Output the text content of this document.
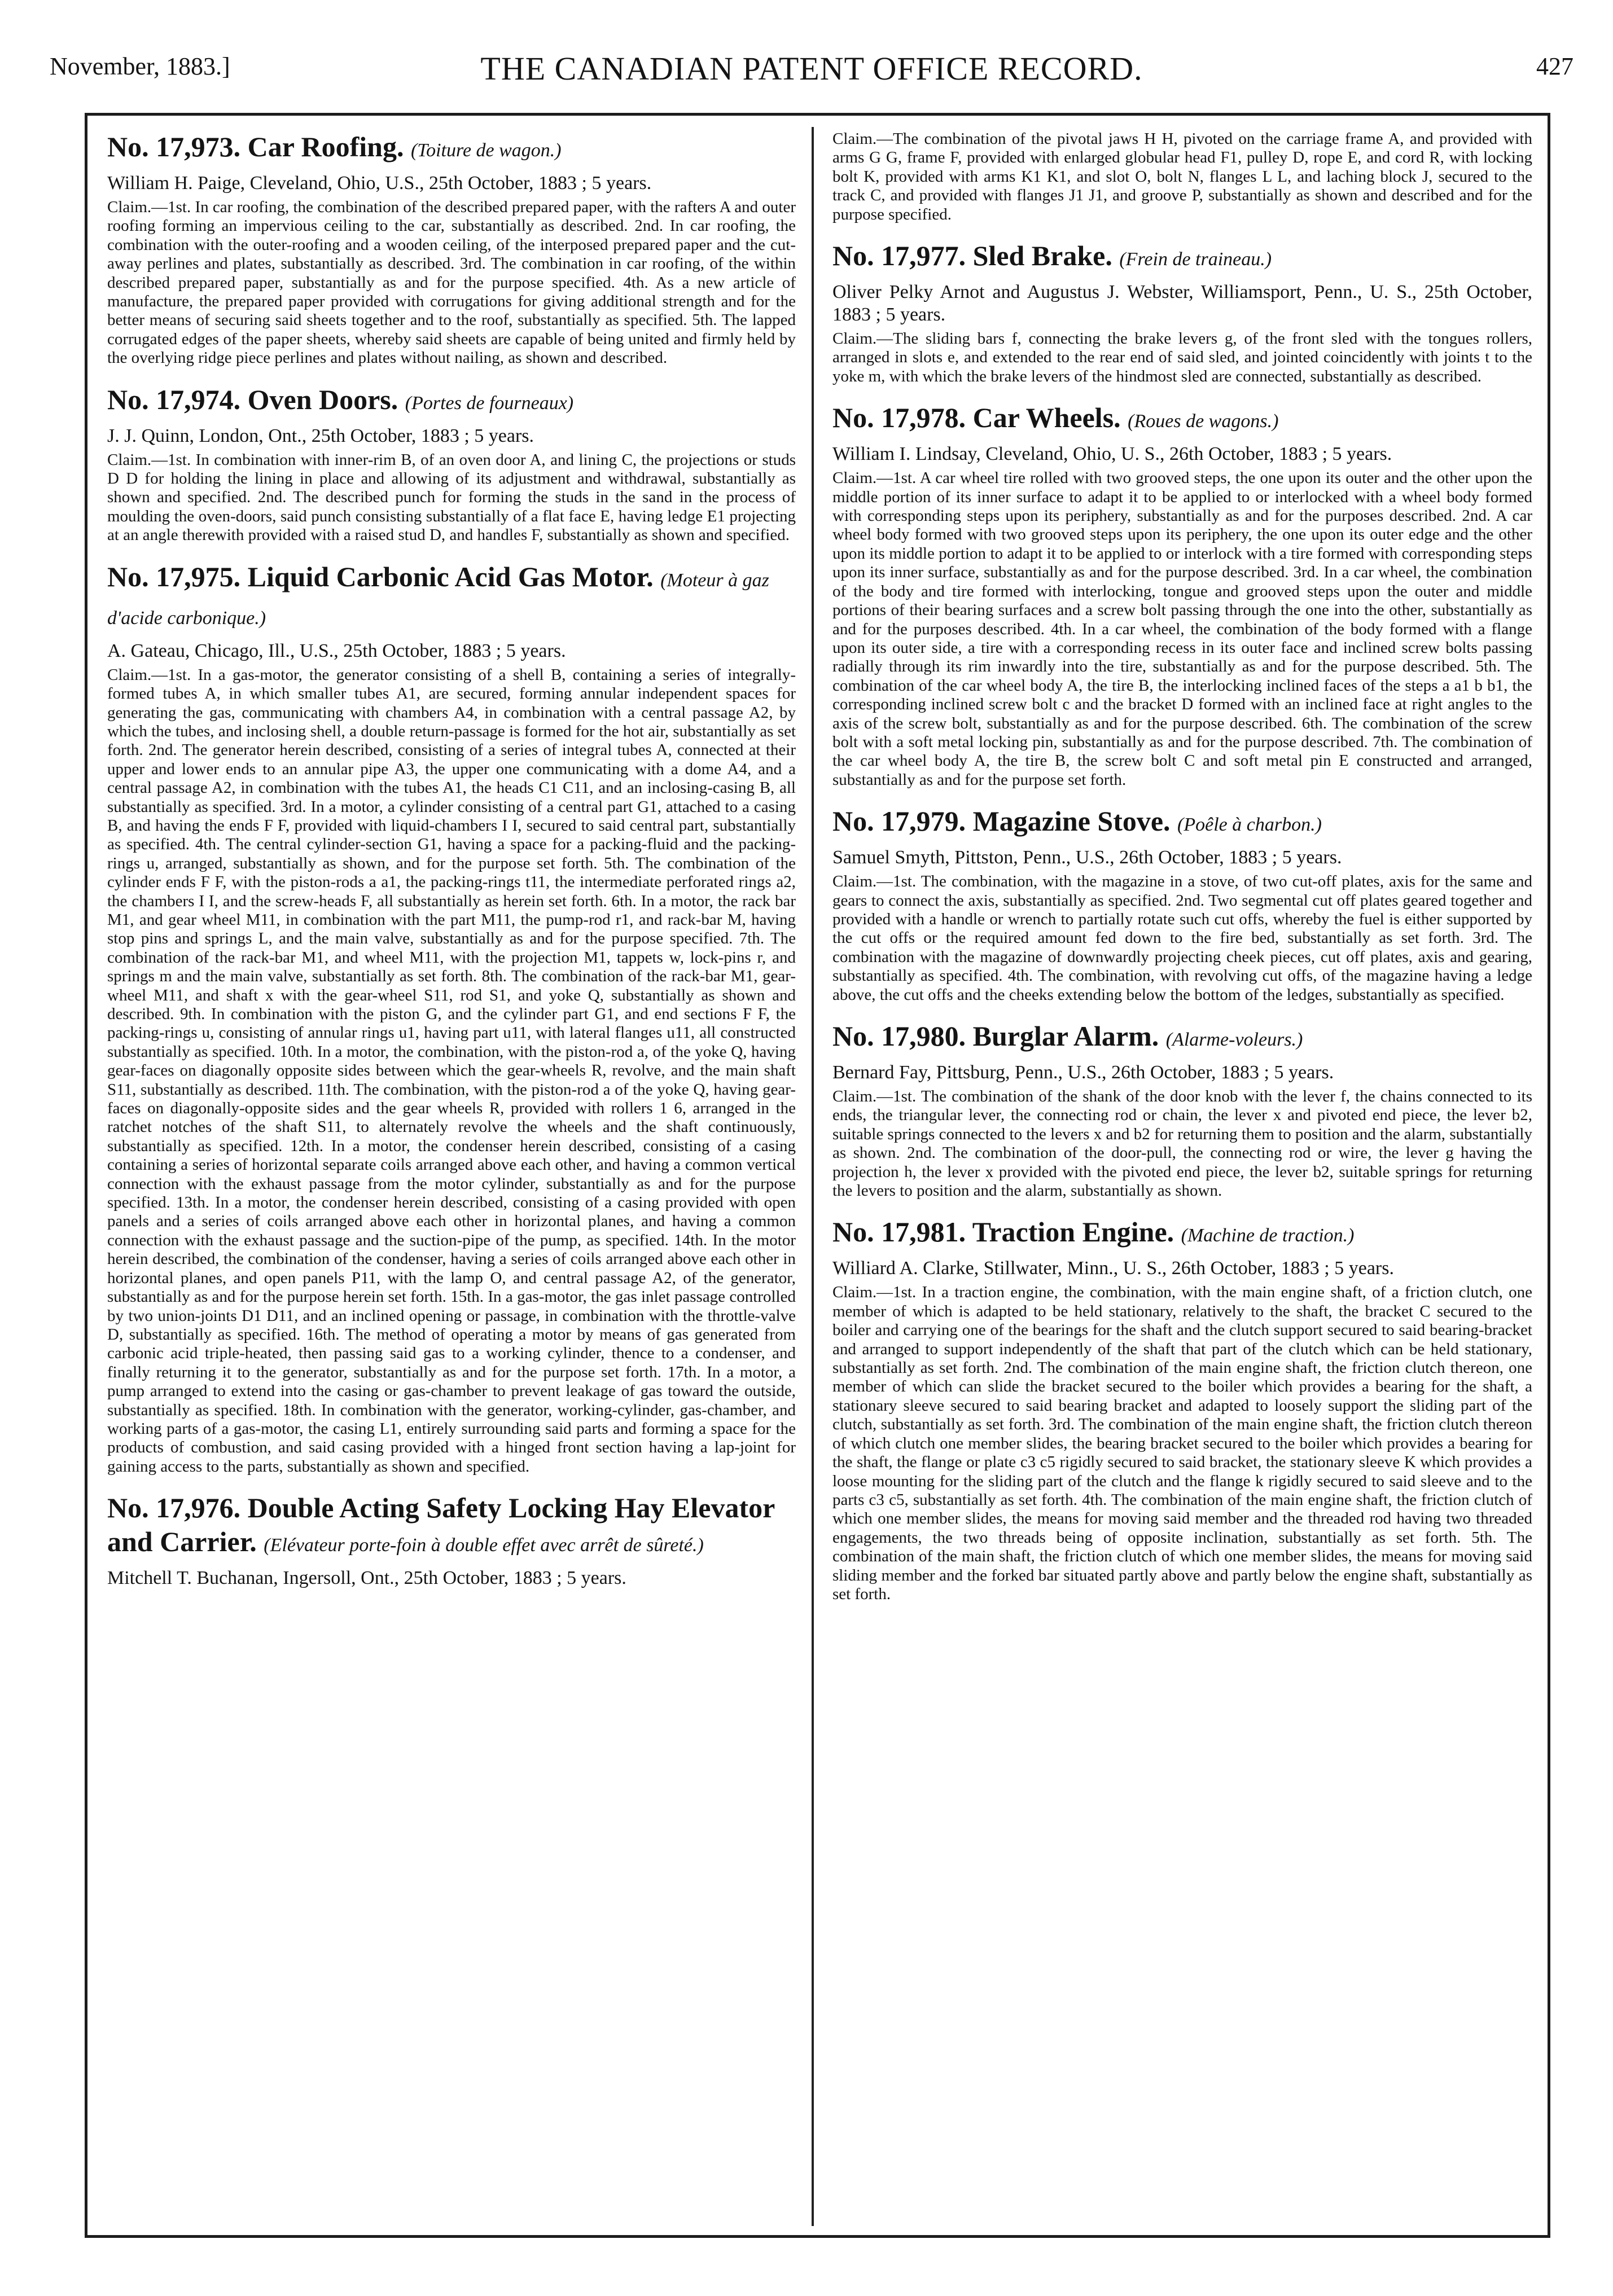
November, 1883.]	THE CANADIAN PATENT OFFICE RECORD.	427
No. 17,973. Car Roofing. (Toiture de wagon.)
William H. Paige, Cleveland, Ohio, U.S., 25th October, 1883 ; 5 years.

Claim.—1st. In car roofing, the combination of the described prepared paper, with the rafters A and outer roofing forming an impervious ceiling to the car, substantially as described. 2nd. In car roofing, the combination with the outer-roofing and a wooden ceiling, of the interposed prepared paper and the cut-away perlines and plates, substantially as described. 3rd. The combination in car roofing, of the within described prepared paper, substantially as and for the purpose specified. 4th. As a new article of manufacture, the prepared paper provided with corrugations for giving additional strength and for the better means of securing said sheets together and to the roof, substantially as specified. 5th. The lapped corrugated edges of the paper sheets, whereby said sheets are capable of being united and firmly held by the overlying ridge piece perlines and plates without nailing, as shown and described.

No. 17,974. Oven Doors. (Portes de fourneaux)
J. J. Quinn, London, Ont., 25th October, 1883 ; 5 years.

Claim.—1st. In combination with inner-rim B, of an oven door A, and lining C, the projections or studs D D for holding the lining in place and allowing of its adjustment and withdrawal, substantially as shown and specified. 2nd. The described punch for forming the studs in the sand in the process of moulding the oven-doors, said punch consisting substantially of a flat face E, having ledge E1 projecting at an angle therewith provided with a raised stud D, and handles F, substantially as shown and specified.

No. 17,975. Liquid Carbonic Acid Gas Motor. (Moteur à gaz d'acide carbonique.)
A. Gateau, Chicago, Ill., U.S., 25th October, 1883 ; 5 years.

Claim.—1st. In a gas-motor, the generator consisting of a shell B, containing a series of integrally-formed tubes A, in which smaller tubes A1, are secured, forming annular independent spaces for generating the gas, communicating with chambers A4, in combination with a central passage A2, by which the tubes, and inclosing shell, a double return-passage is formed for the hot air, substantially as set forth. 2nd. The generator herein described, consisting of a series of integral tubes A, connected at their upper and lower ends to an annular pipe A3, the upper one communicating with a dome A4, and a central passage A2, in combination with the tubes A1, the heads C1 C11, and an inclosing-casing B, all substantially as specified. 3rd. In a motor, a cylinder consisting of a central part G1, attached to a casing B, and having the ends F F, provided with liquid-chambers I I, secured to said central part, substantially as specified. 4th. The central cylinder-section G1, having a space for a packing-fluid and the packing-rings u, arranged, substantially as shown, and for the purpose set forth. 5th. The combination of the cylinder ends F F, with the piston-rods a a1, the packing-rings t11, the intermediate perforated rings a2, the chambers I I, and the screw-heads F, all substantially as herein set forth. 6th. In a motor, the rack bar M1, and gear wheel M11, in combination with the part M11, the pump-rod r1, and rack-bar M, having stop pins and springs L, and the main valve, substantially as and for the purpose specified. 7th. The combination of the rack-bar M1, and wheel M11, with the projection M1, tappets w, lock-pins r, and springs m and the main valve, substantially as set forth. 8th. The combination of the rack-bar M1, gear-wheel M11, and shaft x with the gear-wheel S11, rod S1, and yoke Q, substantially as shown and described. 9th. In combination with the piston G, and the cylinder part G1, and end sections F F, the packing-rings u, consisting of annular rings u1, having part u11, with lateral flanges u11, all constructed substantially as specified. 10th. In a motor, the combination, with the piston-rod a, of the yoke Q, having gear-faces on diagonally opposite sides between which the gear-wheels R, revolve, and the main shaft S11, substantially as described. 11th. The combination, with the piston-rod a of the yoke Q, having gear-faces on diagonally-opposite sides and the gear wheels R, provided with rollers 1 6, arranged in the ratchet notches of the shaft S11, to alternately revolve the wheels and the shaft continuously, substantially as specified. 12th. In a motor, the condenser herein described, consisting of a casing containing a series of horizontal separate coils arranged above each other, and having a common vertical connection with the exhaust passage from the motor cylinder, substantially as and for the purpose specified. 13th. In a motor, the condenser herein described, consisting of a casing provided with open panels and a series of coils arranged above each other in horizontal planes, and having a common connection with the exhaust passage and the suction-pipe of the pump, as specified. 14th. In the motor herein described, the combination of the condenser, having a series of coils arranged above each other in horizontal planes, and open panels P11, with the lamp O, and central passage A2, of the generator, substantially as and for the purpose herein set forth. 15th. In a gas-motor, the gas inlet passage controlled by two union-joints D1 D11, and an inclined opening or passage, in combination with the throttle-valve D, substantially as specified. 16th. The method of operating a motor by means of gas generated from carbonic acid triple-heated, then passing said gas to a working cylinder, thence to a condenser, and finally returning it to the generator, substantially as and for the purpose set forth. 17th. In a motor, a pump arranged to extend into the casing or gas-chamber to prevent leakage of gas toward the outside, substantially as specified. 18th. In combination with the generator, working-cylinder, gas-chamber, and working parts of a gas-motor, the casing L1, entirely surrounding said parts and forming a space for the products of combustion, and said casing provided with a hinged front section having a lap-joint for gaining access to the parts, substantially as shown and specified.

No. 17,976. Double Acting Safety Locking Hay Elevator and Carrier. (Elévateur porte-foin à double effet avec arrêt de sûreté.)
Mitchell T. Buchanan, Ingersoll, Ont., 25th October, 1883 ; 5 years.

Claim.—The combination of the pivotal jaws H H, pivoted on the carriage frame A, and provided with arms G G, frame F, provided with enlarged globular head F1, pulley D, rope E, and cord R, with locking bolt K, provided with arms K1 K1, and slot O, bolt N, flanges L L, and laching block J, secured to the track C, and provided with flanges J1 J1, and groove P, substantially as shown and described and for the purpose specified.

No. 17,977. Sled Brake. (Frein de traineau.)
Oliver Pelky Arnot and Augustus J. Webster, Williamsport, Penn., U. S., 25th October, 1883 ; 5 years.

Claim.—The sliding bars f, connecting the brake levers g, of the front sled with the tongues rollers, arranged in slots e, and extended to the rear end of said sled, and jointed coincidently with joints t to the yoke m, with which the brake levers of the hindmost sled are connected, substantially as described.

No. 17,978. Car Wheels. (Roues de wagons.)
William I. Lindsay, Cleveland, Ohio, U. S., 26th October, 1883 ; 5 years.

Claim.—1st. A car wheel tire rolled with two grooved steps, the one upon its outer and the other upon the middle portion of its inner surface to adapt it to be applied to or interlocked with a wheel body formed with corresponding steps upon its periphery, substantially as and for the purposes described. 2nd. A car wheel body formed with two grooved steps upon its periphery, the one upon its outer edge and the other upon its middle portion to adapt it to be applied to or interlock with a tire formed with corresponding steps upon its inner surface, substantially as and for the purpose described. 3rd. In a car wheel, the combination of the body and tire formed with interlocking, tongue and grooved steps upon the outer and middle portions of their bearing surfaces and a screw bolt passing through the one into the other, substantially as and for the purposes described. 4th. In a car wheel, the combination of the body formed with a flange upon its outer side, a tire with a corresponding recess in its outer face and inclined screw bolts passing radially through its rim inwardly into the tire, substantially as and for the purpose described. 5th. The combination of the car wheel body A, the tire B, the interlocking inclined faces of the steps a a1 b b1, the corresponding inclined screw bolt c and the bracket D formed with an inclined face at right angles to the axis of the screw bolt, substantially as and for the purpose described. 6th. The combination of the screw bolt with a soft metal locking pin, substantially as and for the purpose described. 7th. The combination of the car wheel body A, the tire B, the screw bolt C and soft metal pin E constructed and arranged, substantially as and for the purpose set forth.

No. 17,979. Magazine Stove. (Poêle à charbon.)
Samuel Smyth, Pittston, Penn., U.S., 26th October, 1883 ; 5 years.

Claim.—1st. The combination, with the magazine in a stove, of two cut-off plates, axis for the same and gears to connect the axis, substantially as specified. 2nd. Two segmental cut off plates geared together and provided with a handle or wrench to partially rotate such cut offs, whereby the fuel is either supported by the cut offs or the required amount fed down to the fire bed, substantially as set forth. 3rd. The combination with the magazine of downwardly projecting cheek pieces, cut off plates, axis and gearing, substantially as specified. 4th. The combination, with revolving cut offs, of the magazine having a ledge above, the cut offs and the cheeks extending below the bottom of the ledges, substantially as specified.

No. 17,980. Burglar Alarm. (Alarme-voleurs.)
Bernard Fay, Pittsburg, Penn., U.S., 26th October, 1883 ; 5 years.

Claim.—1st. The combination of the shank of the door knob with the lever f, the chains connected to its ends, the triangular lever, the connecting rod or chain, the lever x and pivoted end piece, the lever b2, suitable springs connected to the levers x and b2 for returning them to position and the alarm, substantially as shown. 2nd. The combination of the door-pull, the connecting rod or wire, the lever g having the projection h, the lever x provided with the pivoted end piece, the lever b2, suitable springs for returning the levers to position and the alarm, substantially as shown.

No. 17,981. Traction Engine. (Machine de traction.)
Williard A. Clarke, Stillwater, Minn., U. S., 26th October, 1883 ; 5 years.

Claim.—1st. In a traction engine, the combination, with the main engine shaft, of a friction clutch, one member of which is adapted to be held stationary, relatively to the shaft, the bracket C secured to the boiler and carrying one of the bearings for the shaft and the clutch support secured to said bearing-bracket and arranged to support independently of the shaft that part of the clutch which can be held stationary, substantially as set forth. 2nd. The combination of the main engine shaft, the friction clutch thereon, one member of which can slide the bracket secured to the boiler which provides a bearing for the shaft, a stationary sleeve secured to said bearing bracket and adapted to loosely support the sliding part of the clutch, substantially as set forth. 3rd. The combination of the main engine shaft, the friction clutch thereon of which clutch one member slides, the bearing bracket secured to the boiler which provides a bearing for the shaft, the flange or plate c3 c5 rigidly secured to said bracket, the stationary sleeve K which provides a loose mounting for the sliding part of the clutch and the flange k rigidly secured to said sleeve and to the parts c3 c5, substantially as set forth. 4th. The combination of the main engine shaft, the friction clutch of which one member slides, the means for moving said member and the threaded rod having two threaded engagements, the two threads being of opposite inclination, substantially as set forth. 5th. The combination of the main shaft, the friction clutch of which one member slides, the means for moving said sliding member and the forked bar situated partly above and partly below the engine shaft, substantially as set forth.
